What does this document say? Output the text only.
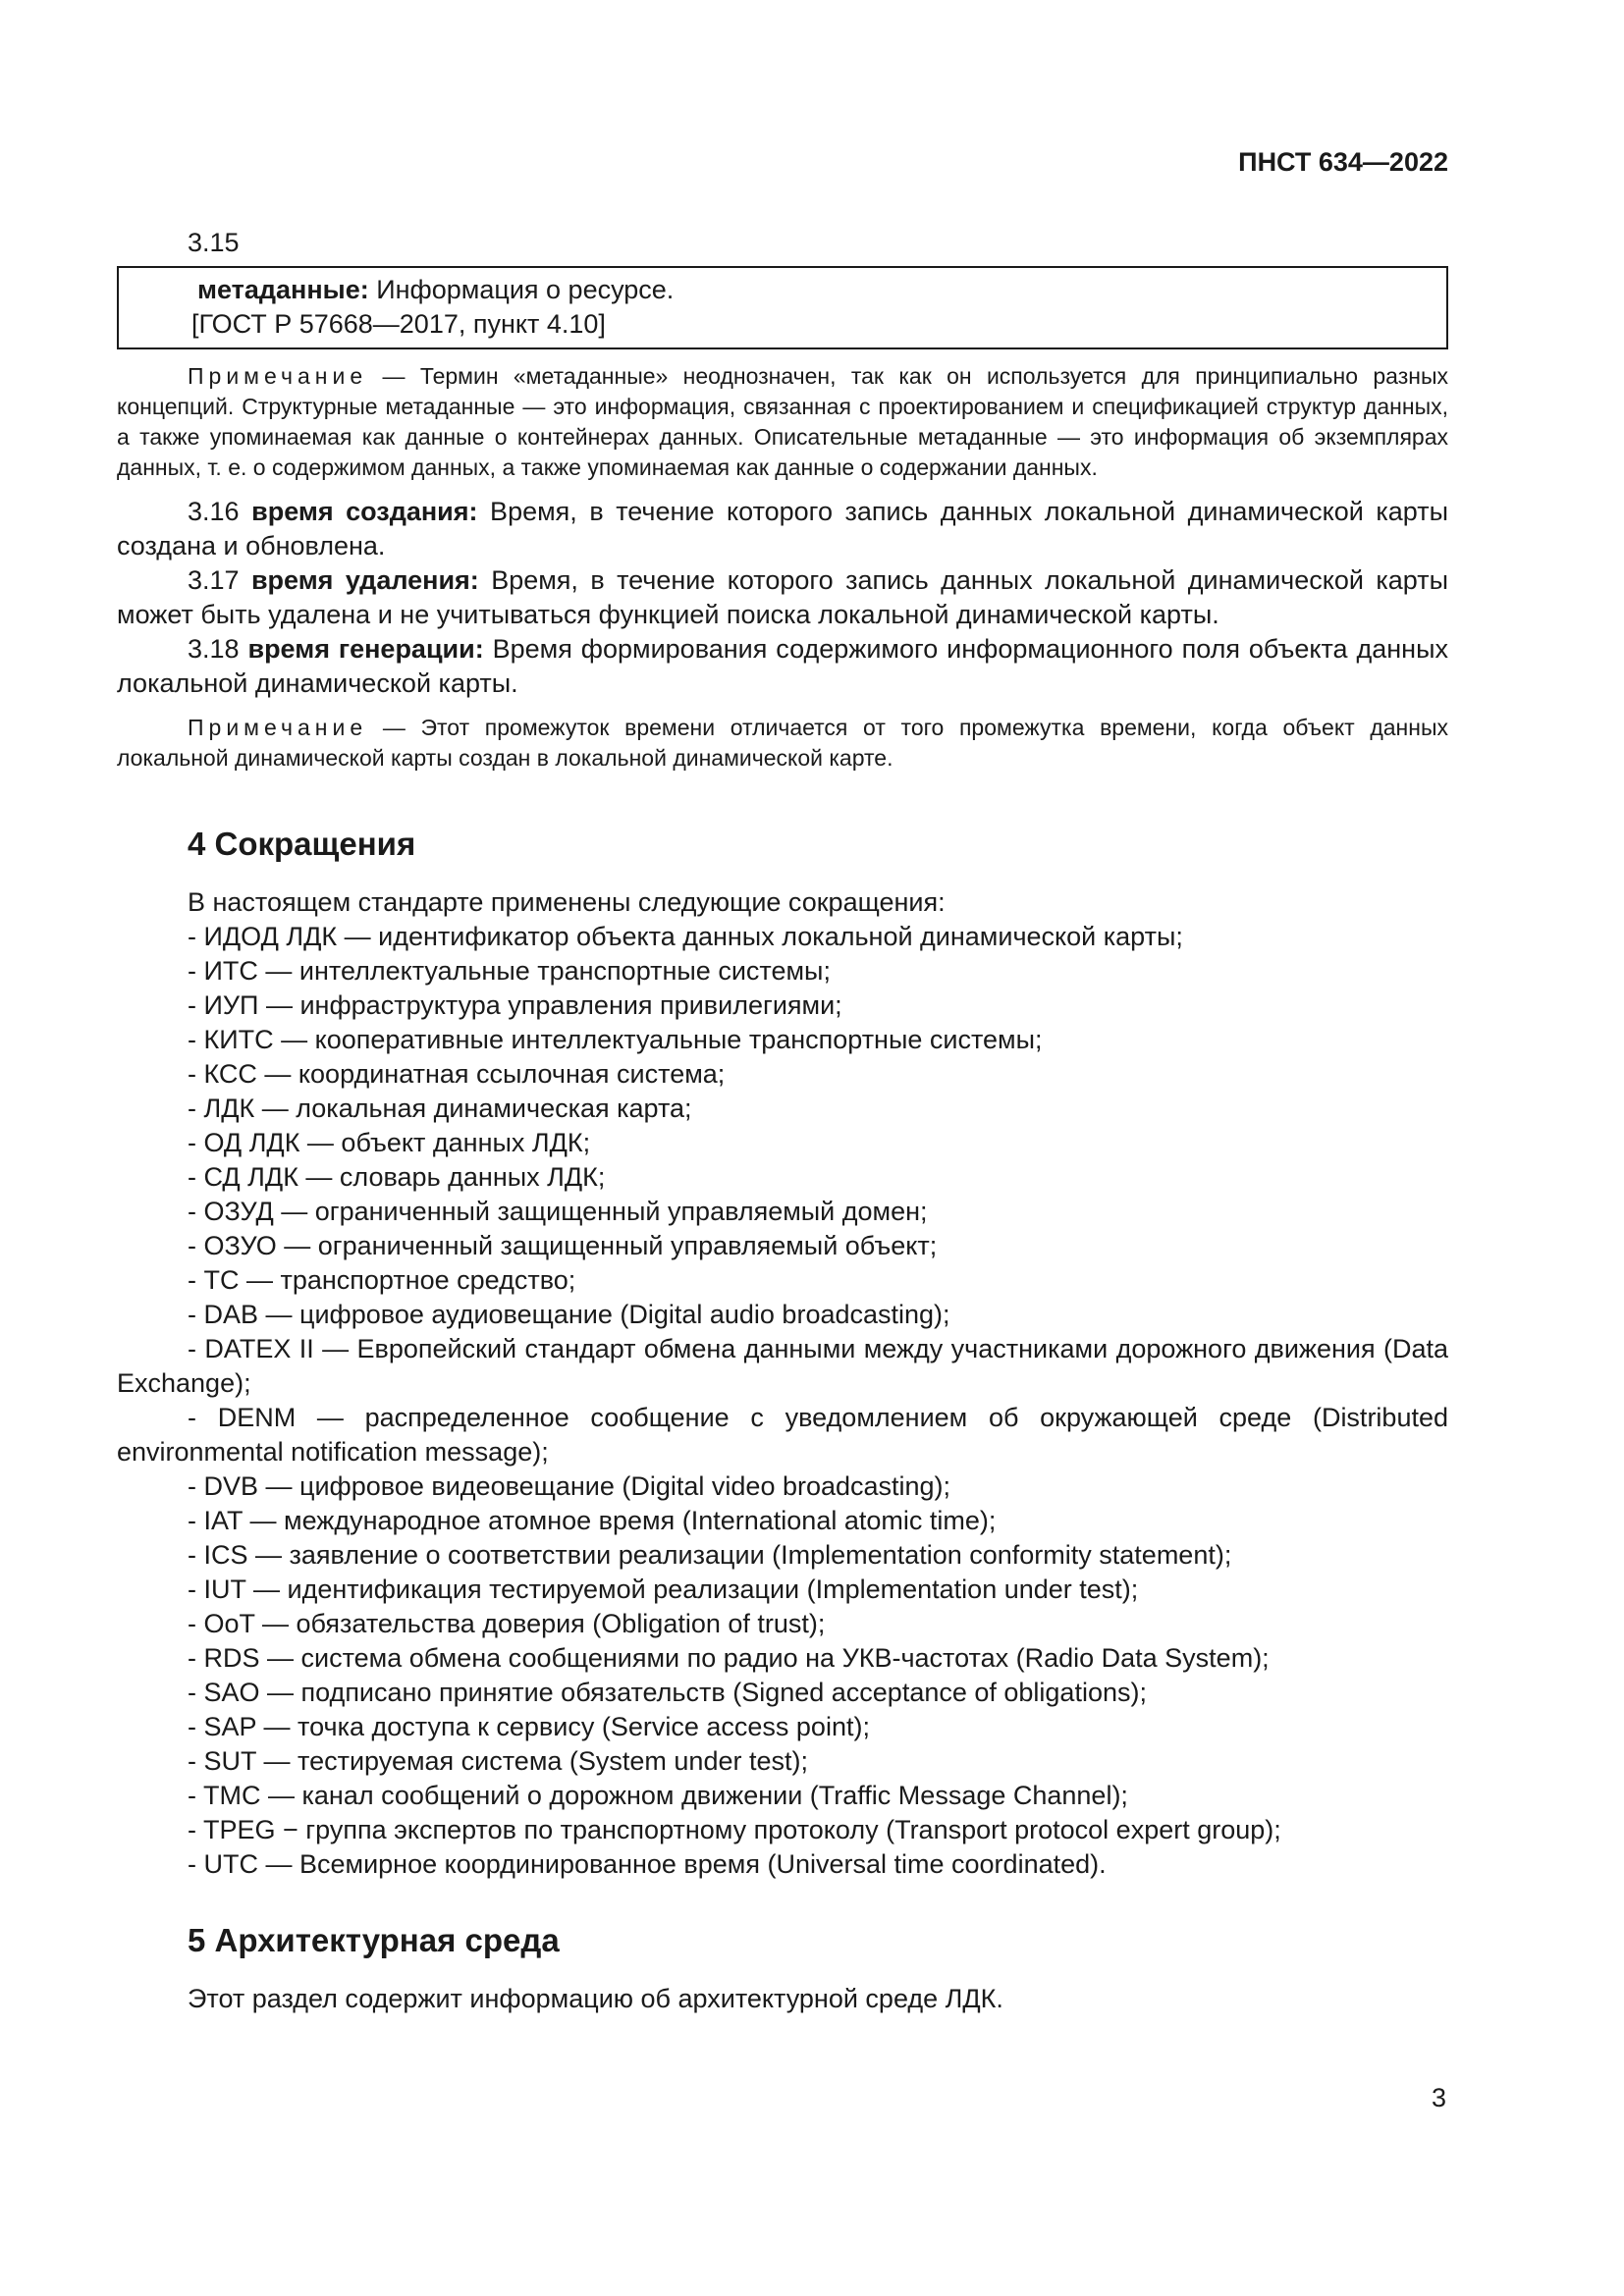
ПНСТ 634—2022
3.15
метаданные: Информация о ресурсе.
[ГОСТ Р 57668—2017, пункт 4.10]

Примечание — Термин «метаданные» неоднозначен, так как он используется для принципиально разных концепций. Структурные метаданные — это информация, связанная с проектированием и спецификацией структур данных, а также упоминаемая как данные о контейнерах данных. Описательные метаданные — это информация об экземплярах данных, т. е. о содержимом данных, а также упоминаемая как данные о содержании данных.

3.16 время создания: Время, в течение которого запись данных локальной динамической карты создана и обновлена.

3.17 время удаления: Время, в течение которого запись данных локальной динамической карты может быть удалена и не учитываться функцией поиска локальной динамической карты.

3.18 время генерации: Время формирования содержимого информационного поля объекта данных локальной динамической карты.

Примечание — Этот промежуток времени отличается от того промежутка времени, когда объект данных локальной динамической карты создан в локальной динамической карте.

4 Сокращения

В настоящем стандарте применены следующие сокращения:

- ИДОД ЛДК — идентификатор объекта данных локальной динамической карты;
- ИТС — интеллектуальные транспортные системы;
- ИУП — инфраструктура управления привилегиями;
- КИТС — кооперативные интеллектуальные транспортные системы;
- КСС — координатная ссылочная система;
- ЛДК — локальная динамическая карта;
- ОД ЛДК — объект данных ЛДК;
- СД ЛДК — словарь данных ЛДК;
- ОЗУД — ограниченный защищенный управляемый домен;
- ОЗУО — ограниченный защищенный управляемый объект;
- ТС — транспортное средство;
- DAB — цифровое аудиовещание (Digital audio broadcasting);
- DATEX II — Европейский стандарт обмена данными между участниками дорожного движения (Data Exchange);
- DENM — распределенное сообщение с уведомлением об окружающей среде (Distributed environmental notification message);
- DVB — цифровое видеовещание (Digital video broadcasting);
- IAT — международное атомное время (International atomic time);
- ICS — заявление о соответствии реализации (Implementation conformity statement);
- IUT — идентификация тестируемой реализации (Implementation under test);
- OoT — обязательства доверия (Obligation of trust);
- RDS — система обмена сообщениями по радио на УКВ-частотах (Radio Data System);
- SAO — подписано принятие обязательств (Signed acceptance of obligations);
- SAP — точка доступа к сервису (Service access point);
- SUT — тестируемая система (System under test);
- TMC — канал сообщений о дорожном движении (Traffic Message Channel);
- TPEG − группа экспертов по транспортному протоколу (Transport protocol expert group);
- UTC — Всемирное координированное время (Universal time coordinated).
5 Архитектурная среда

Этот раздел содержит информацию об архитектурной среде ЛДК.

3
